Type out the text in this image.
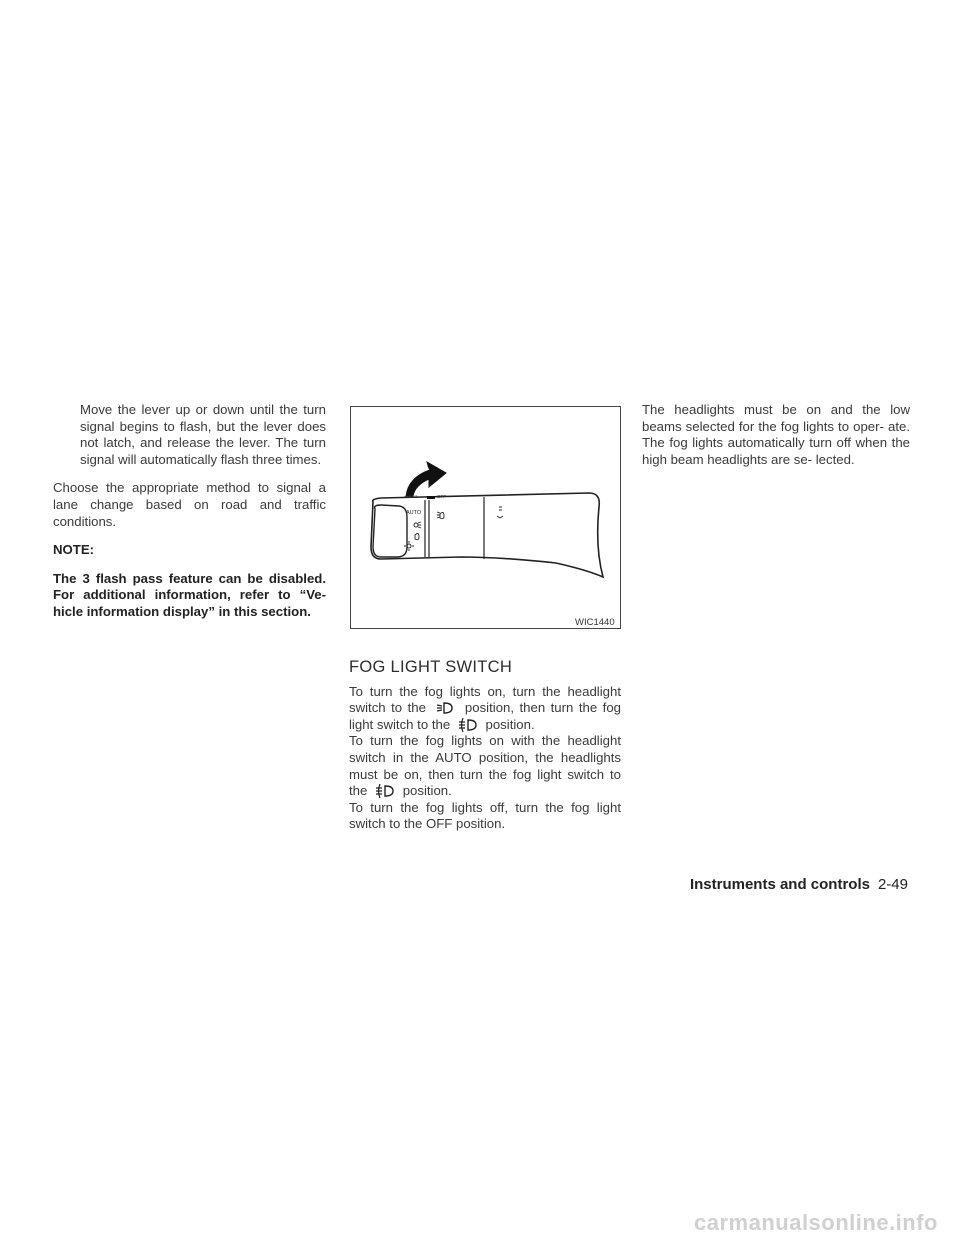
Move the lever up or down until the turn signal begins to flash, but the lever does not latch, and release the lever. The turn signal will automatically flash three times.

Choose the appropriate method to signal a lane change based on road and traffic conditions.

NOTE:

The 3 flash pass feature can be disabled. For additional information, refer to “Ve- hicle information display” in this section.

TAIL	OFF
AUTO
WIC1440
FOG LIGHT SWITCH

To turn the fog lights on, turn the headlight switch to the	position, then turn the fog light switch to the	position.

To turn the fog lights on with the headlight switch in the AUTO position, the headlights must be on, then turn the fog light switch to the	position.

To turn the fog lights off, turn the fog light switch to the OFF position.

The headlights must be on and the low beams selected for the fog lights to oper- ate. The fog lights automatically turn off when the high beam headlights are se- lected.

Instruments and controls 2-49
carmanualsonline.info
